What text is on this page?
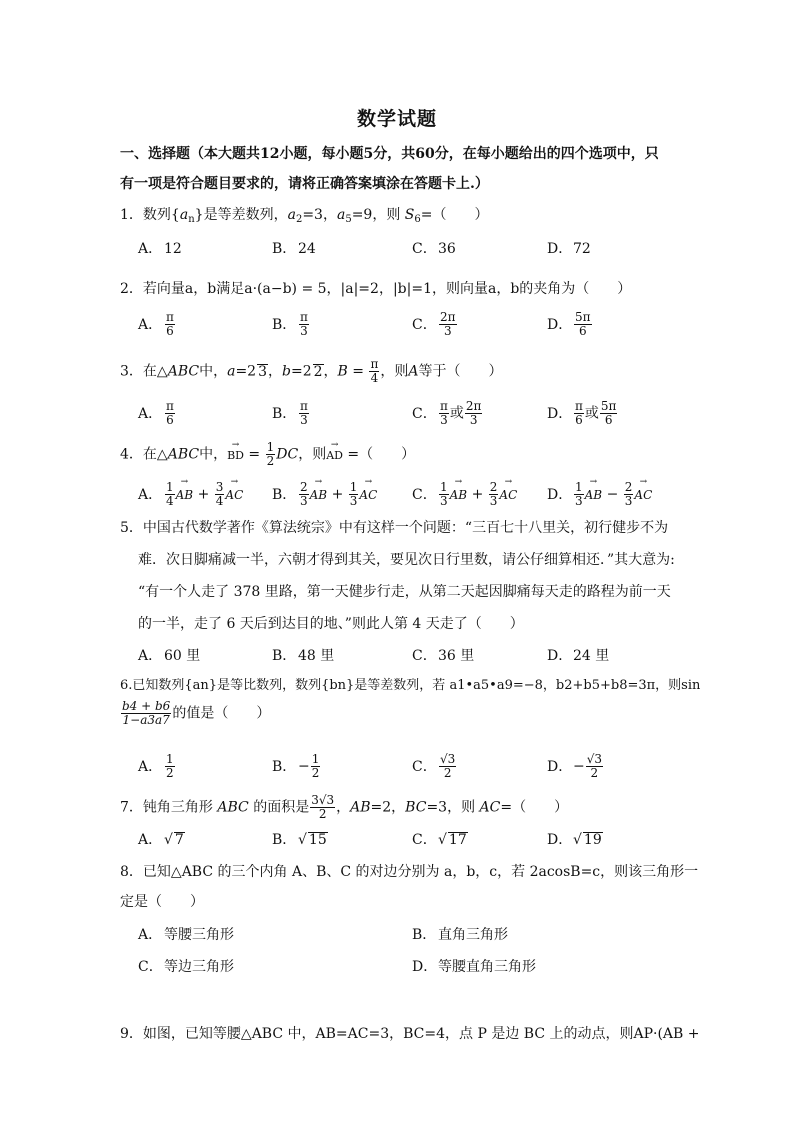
数学试题
一、选择题（本大题共12小题，每小题5分，共60分，在每小题给出的四个选项中，只
有一项是符合题目要求的，请将正确答案填涂在答题卡上.）
1．数列$\{a_n\}$是等差数列，$a_2=3$，$a_5=9$，则 $S_6=$（　　）
A． 12	B． 24	C．36	D．72
2．若向量a，b满足a·(a−b) = 5，|a|=2，|b|=1，则向量a，b的夹角为（　　）
A． $\frac{\pi}{6}$	B． $\frac{\pi}{3}$	C． $\frac{2\pi}{3}$	D． $\frac{5\pi}{6}$
3．在△ABC中，a=2 3，b=2 2，$B = \frac{\pi}{4}$ ，则A等于（　　）
A． $\frac{\pi}{6}$	B． $\frac{\pi}{3}$	C． $\frac{\pi}{3}$ 或 $\frac{2\pi}{3}$	D． $\frac{\pi}{6}$ 或 $\frac{5\pi}{6}$
4．在△ABC中，→ BD = $\frac{1}{2}$ DC，则→ AD =（　　）
A． $\frac{1}{4}$ → AB + $\frac{3}{4}$ → AC B． $\frac{2}{3}$ → AB + $\frac{1}{3}$ → AC C． $\frac{1}{3}$ → AB + $\frac{2}{3}$ → AC D． $\frac{1}{3}$ → AB − $\frac{2}{3}$ → AC
5．中国古代数学著作《算法统宗》中有这样一个问题：“三百七十八里关，初行健步不为
难．次日脚痛减一半，六朝才得到其关，要见次日行里数，请公仔细算相还．”其大意为:
“有一个人走了 378 里路，第一天健步行走，从第二天起因脚痛每天走的路程为前一天
的一半，走了 6 天后到达目的地、”则此人第 4 天走了（　　）
A． 60 里	B． 48 里	C．36 里	D．24 里
6.已知数列{an}是等比数列，数列{bn}是等差数列，若 a1•a5•a9=−8，b2+b5+b8=3π，则sin
$\frac{b4 + b6}{1-a3a7}$ 的值是（　　）
A． $\frac{1}{2}$	B． − $\frac{1}{2}$	C． $\frac{√3}{2}$	D．− $\frac{√3}{2}$
7．钝角三角形 ABC 的面积是 $\frac{3√3}{2}$ ，AB=2，BC=3，则 AC=（　　）
A． √ 7	B． √ 15	C．√ 17	D．√ 19
8．已知△ABC 的三个内角 A、B、C 的对边分别为 a，b，c，若 2acosB=c，则该三角形一
定是（　　）
A． 等腰三角形	B． 直角三角形
C．等边三角形	D．等腰直角三角形
9．如图，已知等腰△ABC 中，AB=AC=3，BC=4，点 P 是边 BC 上的动点，则AP·(AB +
